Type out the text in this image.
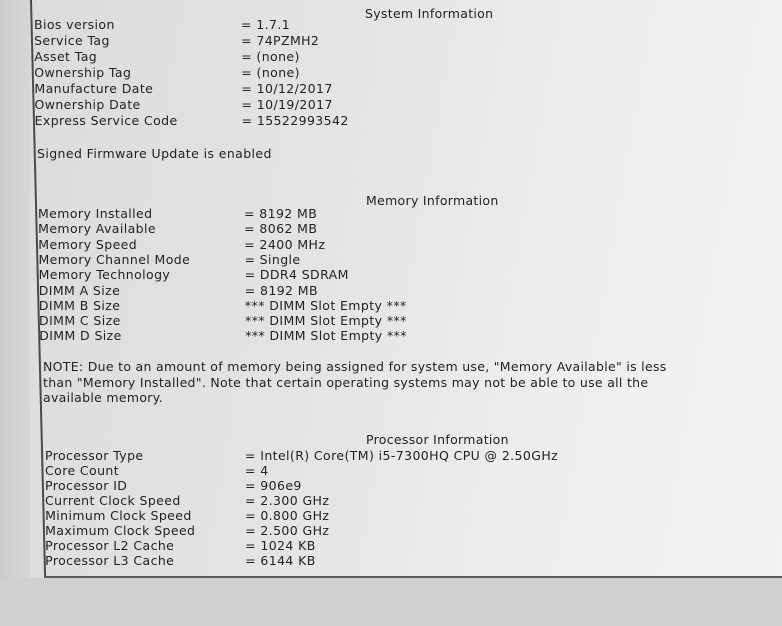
System Information
Bios version	= 1.7.1
Service Tag	= 74PZMH2
Asset Tag	= (none)
Ownership Tag	= (none)
Manufacture Date	= 10/12/2017
Ownership Date	= 10/19/2017
Express Service Code	= 15522993542
Signed Firmware Update is enabled
Memory Information
Memory Installed	= 8192 MB
Memory Available	= 8062 MB
Memory Speed	= 2400 MHz
Memory Channel Mode	= Single
Memory Technology	= DDR4 SDRAM
DIMM A Size	= 8192 MB
DIMM B Size	*** DIMM Slot Empty ***
DIMM C Size	*** DIMM Slot Empty ***
DIMM D Size	*** DIMM Slot Empty ***
NOTE: Due to an amount of memory being assigned for system use, "Memory Available" is less
than "Memory Installed". Note that certain operating systems may not be able to use all the
available memory.
Processor Information
Processor Type	= Intel(R) Core(TM) i5-7300HQ CPU @ 2.50GHz
Core Count	= 4
Processor ID	= 906e9
Current Clock Speed	= 2.300 GHz
Minimum Clock Speed	= 0.800 GHz
Maximum Clock Speed	= 2.500 GHz
Processor L2 Cache	= 1024 KB
Processor L3 Cache	= 6144 KB
